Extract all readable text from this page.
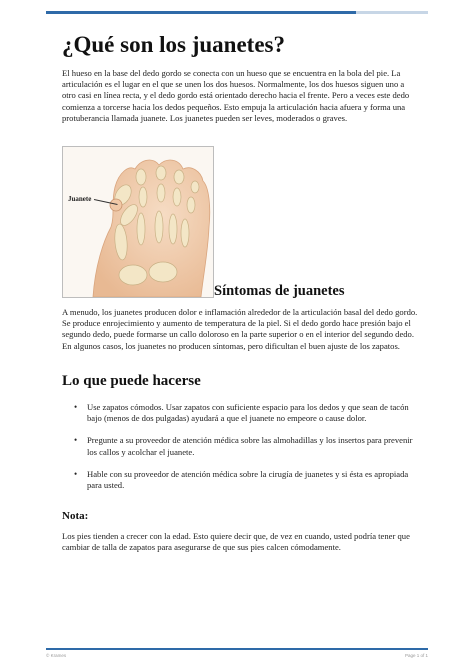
¿Qué son los juanetes?

El hueso en la base del dedo gordo se conecta con un hueso que se encuentra en la bola del pie. La articulación es el lugar en el que se unen los dos huesos. Normalmente, los dos huesos siguen uno a otro casi en línea recta, y el dedo gordo está orientado derecho hacia el frente. Pero a veces este dedo comienza a torcerse hacia los dedos pequeños. Esto empuja la articulación hacia afuera y forma una protuberancia llamada juanete. Los juanetes pueden ser leves, moderados o graves.

Juanete
Síntomas de juanetes

A menudo, los juanetes producen dolor e inflamación alrededor de la articulación basal del dedo gordo. Se produce enrojecimiento y aumento de temperatura de la piel. Si el dedo gordo hace presión bajo el segundo dedo, puede formarse un callo doloroso en la parte superior o en el interior del segundo dedo. En algunos casos, los juanetes no producen síntomas, pero dificultan el buen ajuste de los zapatos.

Lo que puede hacerse
• Use zapatos cómodos. Usar zapatos con suficiente espacio para los dedos y que sean de tacón bajo (menos de dos pulgadas) ayudará a que el juanete no empeore o cause dolor.
• Pregunte a su proveedor de atención médica sobre las almohadillas y los insertos para prevenir los callos y acolchar el juanete.
• Hable con su proveedor de atención médica sobre la cirugía de juanetes y si ésta es apropiada para usted.
Nota:

Los pies tienden a crecer con la edad. Esto quiere decir que, de vez en cuando, usted podría tener que cambiar de talla de zapatos para asegurarse de que sus pies calcen cómodamente.

© Krames	Page 1 of 1
